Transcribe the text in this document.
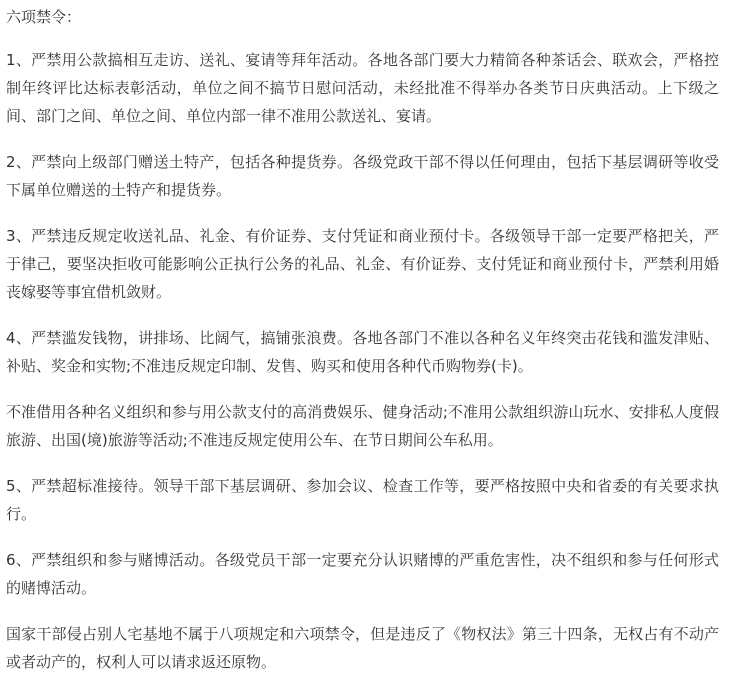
六项禁令：

1、严禁用公款搞相互走访、送礼、宴请等拜年活动。各地各部门要大力精简各种茶话会、联欢会，严格控制年终评比达标表彰活动，单位之间不搞节日慰问活动，未经批准不得举办各类节日庆典活动。上下级之间、部门之间、单位之间、单位内部一律不准用公款送礼、宴请。

2、严禁向上级部门赠送土特产，包括各种提货券。各级党政干部不得以任何理由，包括下基层调研等收受下属单位赠送的土特产和提货券。

3、严禁违反规定收送礼品、礼金、有价证券、支付凭证和商业预付卡。各级领导干部一定要严格把关，严于律己，要坚决拒收可能影响公正执行公务的礼品、礼金、有价证券、支付凭证和商业预付卡，严禁利用婚丧嫁娶等事宜借机敛财。

4、严禁滥发钱物，讲排场、比阔气，搞铺张浪费。各地各部门不准以各种名义年终突击花钱和滥发津贴、补贴、奖金和实物;不准违反规定印制、发售、购买和使用各种代币购物券(卡)。

不准借用各种名义组织和参与用公款支付的高消费娱乐、健身活动;不准用公款组织游山玩水、安排私人度假旅游、出国(境)旅游等活动;不准违反规定使用公车、在节日期间公车私用。

5、严禁超标准接待。领导干部下基层调研、参加会议、检查工作等，要严格按照中央和省委的有关要求执行。

6、严禁组织和参与赌博活动。各级党员干部一定要充分认识赌博的严重危害性，决不组织和参与任何形式的赌博活动。

国家干部侵占别人宅基地不属于八项规定和六项禁令，但是违反了《物权法》第三十四条，无权占有不动产或者动产的，权利人可以请求返还原物。
